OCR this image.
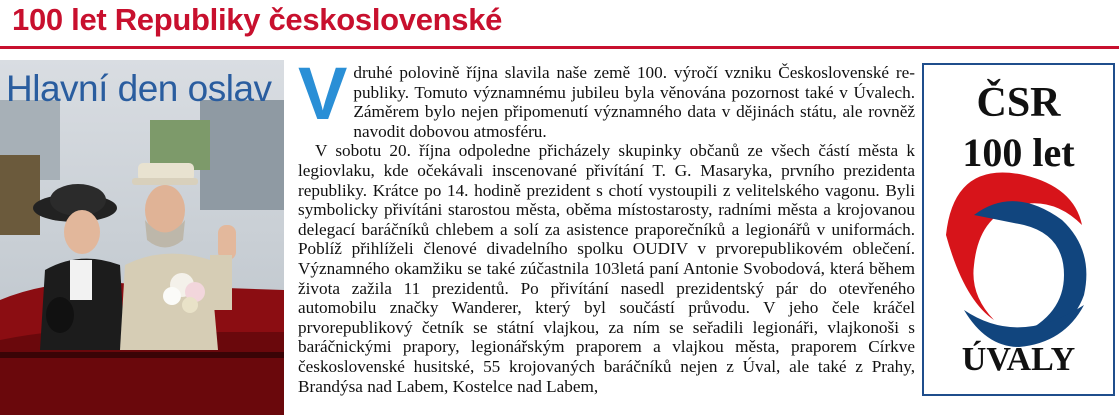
100 let Republiky československé
Hlavní den oslav Vdruhé polovině října slavila naše země 100. výročí vzniku Československé republiky. Tomuto významnému jubileu byla věnována pozornost také v Úvalech. Záměrem bylo nejen připomenutí významného data v dějinách státu, ale rovněž navodit dobovou atmosféru.

V sobotu 20. října odpoledne přicházely skupinky občanů ze všech částí města k legiovlaku, kde očekávali inscenované přivítání T. G. Masaryka, prvního prezidenta republiky. Krátce po 14. hodině prezident s chotí vystoupili z velitelského vagonu. Byli symbolicky přivítáni starostou města, oběma místostarosty, radními města a krojovanou delegací baráčníků chlebem a solí za asistence praporečníků a legionářů v uniformách. Poblíž přihlíželi členové divadelního spolku OUDIV v prvorepublikovém oblečení. Významného okamžiku se také zúčastnila 103letá paní Antonie Svobodová, která během života zažila 11 prezidentů. Po přivítání nasedl prezidentský pár do otevřeného automobilu značky Wanderer, který byl součástí průvodu. V jeho čele kráčel prvorepublikový četník se státní vlajkou, za ním se seřadili legionáři, vlajkonoši s baráčnickými prapory, legionářským praporem a vlajkou města, praporem Církve československé husitské, 55 krojovaných baráčníků nejen z Úval, ale také z Prahy, Brandýsa nad Labem, Kostelce nad Labem,

ČSR
100 let
ÚVALY
